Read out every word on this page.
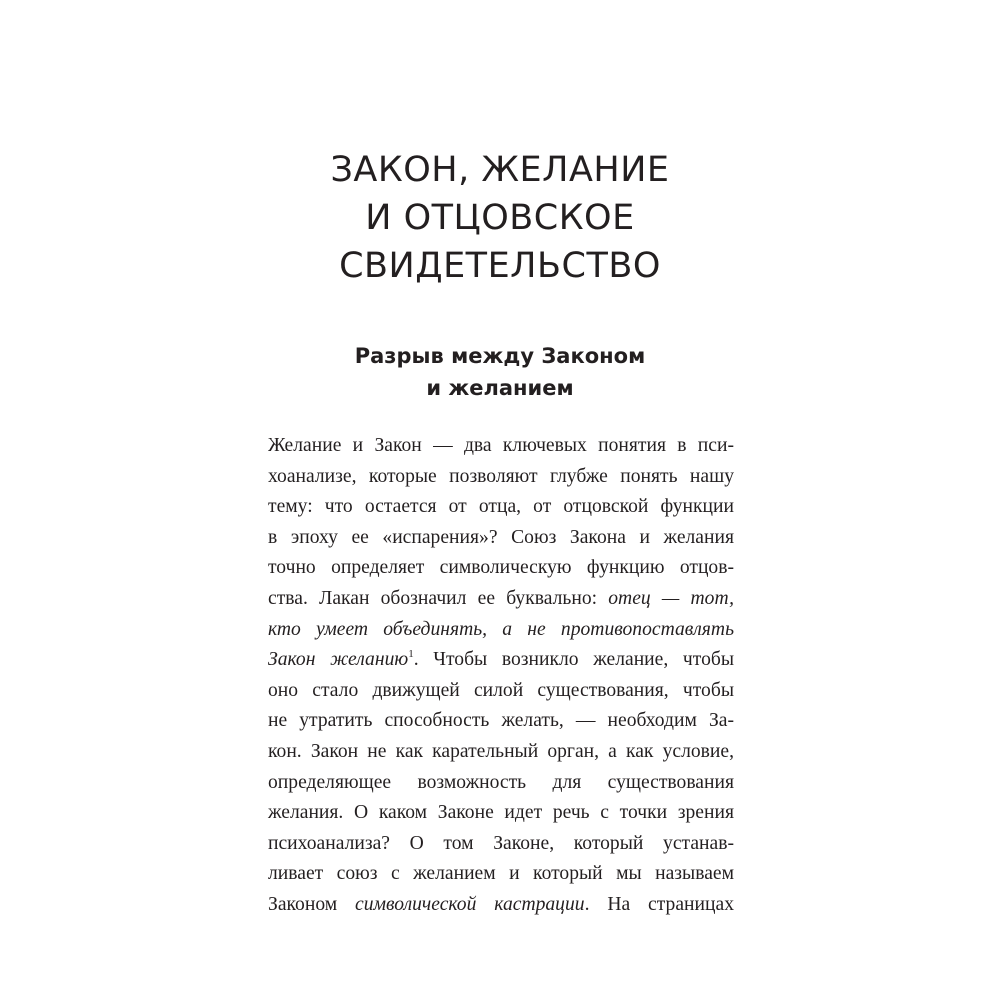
ЗАКОН, ЖЕЛАНИЕ
И ОТЦОВСКОЕ
СВИДЕТЕЛЬСТВО
Разрыв между Законом
и желанием
Желание и Закон — два ключевых понятия в пси-
хоанализе, которые позволяют глубже понять нашу
тему: что остается от отца, от отцовской функции
в эпоху ее «испарения»? Союз Закона и желания
точно определяет символическую функцию отцов-
ства. Лакан обозначил ее буквально: отец — тот,
кто умеет объединять, а не противопоставлять
Закон желанию$^1$. Чтобы возникло желание, чтобы
оно стало движущей силой существования, чтобы
не утратить способность желать, — необходим За-
кон. Закон не как карательный орган, а как условие,
определяющее возможность для существования
желания. О каком Законе идет речь с точки зрения
психоанализа? О том Законе, который устанав-
ливает союз с желанием и который мы называем
Законом символической кастрации. На страницах
